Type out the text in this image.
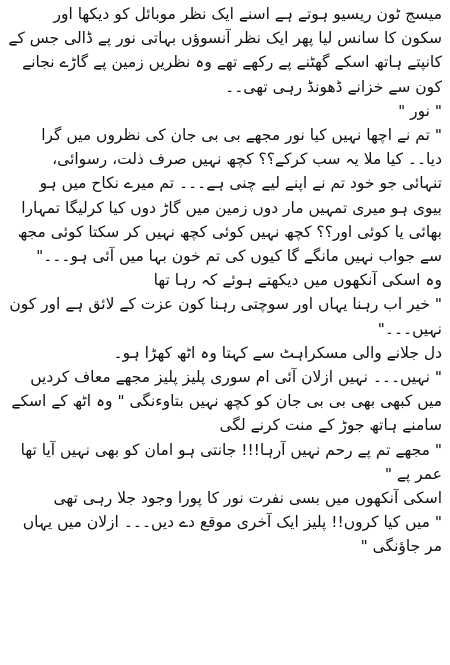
میسج ٹون ریسیو ہوتے ہے اسنے ایک نظر موبائل کو دیکھا اور سکون کا سانس لیا پھر ایک نظر آنسوؤں بہاتی نور پے ڈالی جس کے کانپتے ہاتھ اسکے گھٹنے پے رکھے تھے وہ نظریں زمین پے گاڑے نجانے کون سے خزانے ڈھونڈ رہی تھی۔۔

" نور "

" تم نے اچھا نہیں کیا نور مجھے بی بی جان کی نظروں میں گرا دیا۔۔ کیا ملا یہ سب کرکے؟؟ کچھ نہیں صرف ذلت، رسوائی، تنہائی جو خود تم نے اپنے لیے چنی ہے۔۔۔ تم میرے نکاح میں ہو بیوی ہو میری تمہیں مار دوں زمین میں گاڑ دوں کیا کرلیگا تمہارا بھائی یا کوئی اور؟؟ کچھ نہیں کوئی کچھ نہیں کر سکتا کوئی مجھ سے جواب نہیں مانگے گا کیوں کی تم خون بہا میں آئی ہو۔۔۔"

وہ اسکی آنکھوں میں دیکھتے ہوئے کہ رہا تھا

" خیر اب رہنا یہاں اور سوچتی رہنا کون عزت کے لائق ہے اور کون نہیں۔۔۔"

دل جلانے والی مسکراہٹ سے کہتا وہ اٹھ کھڑا ہو۔

" نہیں۔۔۔ نہیں ازلان آئی ام سوری پلیز پلیز مجھے معاف کردیں میں کبھی بھی بی بی جان کو کچھ نہیں بتاوءنگی " وہ اٹھ کے اسکے سامنے ہاتھ جوڑ کے منت کرنے لگی

" مجھے تم پے رحم نہیں آرہا!!! جانتی ہو امان کو بھی نہیں آیا تھا عمر پے "

اسکی آنکھوں میں بسی نفرت نور کا پورا وجود جلا رہی تھی

" میں کیا کروں!! پلیز ایک آخری موقع دے دیں۔۔۔ ازلان میں یہاں مر جاؤنگی "
